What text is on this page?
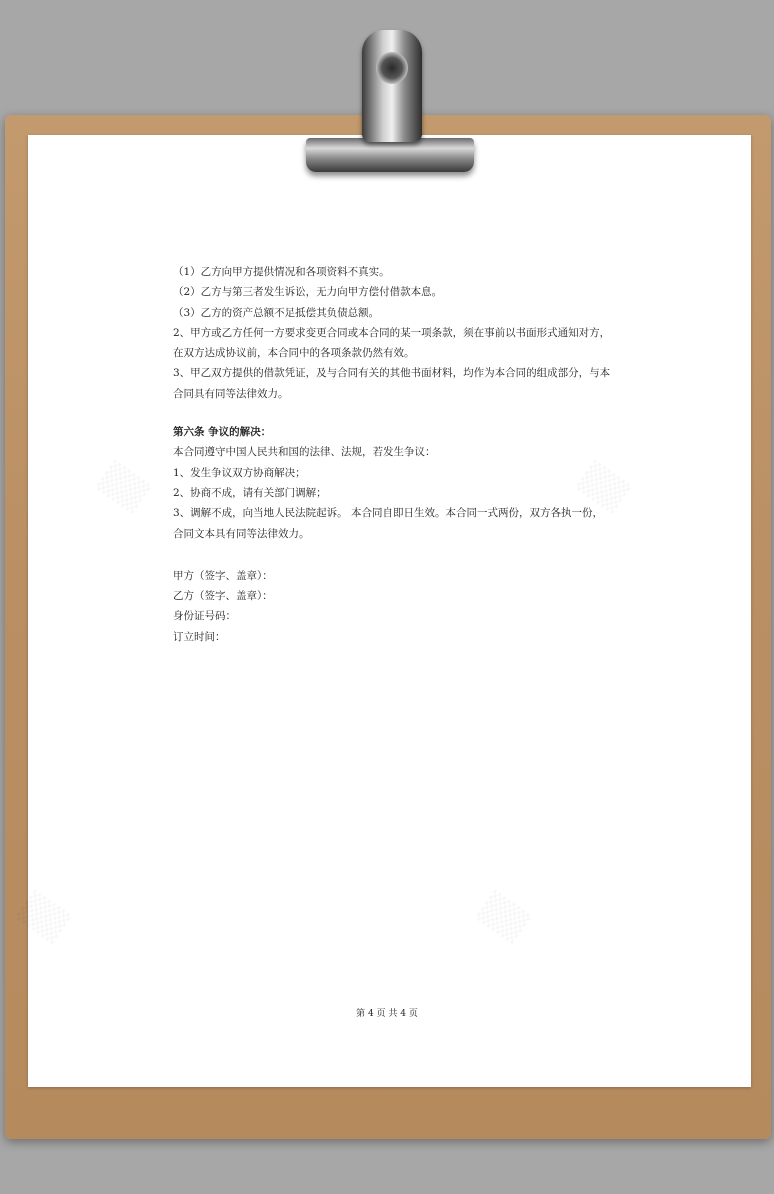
（1）乙方向甲方提供情况和各项资料不真实。

（2）乙方与第三者发生诉讼，无力向甲方偿付借款本息。

（3）乙方的资产总额不足抵偿其负债总额。

2、甲方或乙方任何一方要求变更合同或本合同的某一项条款，须在事前以书面形式通知对方，

在双方达成协议前，本合同中的各项条款仍然有效。

3、甲乙双方提供的借款凭证，及与合同有关的其他书面材料，均作为本合同的组成部分，与本

合同具有同等法律效力。

第六条 争议的解决：

本合同遵守中国人民共和国的法律、法规，若发生争议：

1、发生争议双方协商解决；

2、协商不成，请有关部门调解；

3、调解不成，向当地人民法院起诉。 本合同自即日生效。本合同一式两份，双方各执一份，

合同文本具有同等法律效力。

甲方（签字、盖章）：

乙方（签字、盖章）：

身份证号码：

订立时间：

第 4 页 共 4 页
